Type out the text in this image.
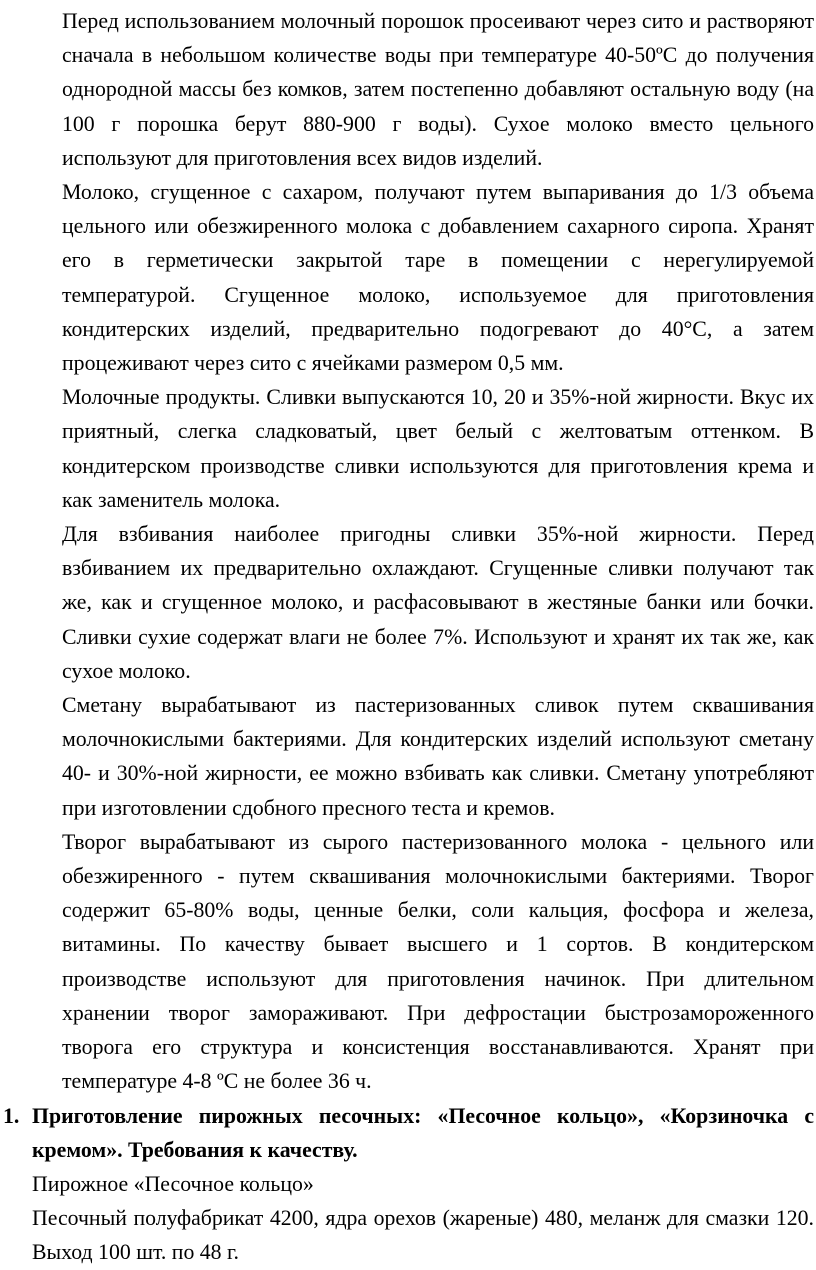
Перед использованием молочный порошок просеивают через сито и растворяют сначала в небольшом количестве воды при температуре 40-50ºС до получения однородной массы без комков, затем постепенно добавляют остальную воду (на 100 г порошка берут 880-900 г воды). Сухое молоко вместо цельного используют для приготовления всех видов изделий.

Молоко, сгущенное с сахаром, получают путем выпаривания до 1/3 объема цельного или обезжиренного молока с добавлением сахарного сиропа. Хранят его в герметически закрытой таре в помещении с нерегулируемой температурой. Сгущенное молоко, используемое для приготовления кондитерских изделий, предварительно подогревают до 40°С, а затем процеживают через сито с ячейками размером 0,5 мм.

Молочные продукты. Сливки выпускаются 10, 20 и 35%-ной жирности. Вкус их приятный, слегка сладковатый, цвет белый с желтоватым оттенком. В кондитерском производстве сливки используются для приготовления крема и как заменитель молока.

Для взбивания наиболее пригодны сливки 35%-ной жирности. Перед взбиванием их предварительно охлаждают. Сгущенные сливки получают так же, как и сгущенное молоко, и расфасовывают в жестяные банки или бочки. Сливки сухие содержат влаги не более 7%. Используют и хранят их так же, как сухое молоко.

Сметану вырабатывают из пастеризованных сливок путем сквашивания молочнокислыми бактериями. Для кондитерских изделий используют сметану 40- и 30%-ной жирности, ее можно взбивать как сливки. Сметану употребляют при изготовлении сдобного пресного теста и кремов.

Творог вырабатывают из сырого пастеризованного молока - цельного или обезжиренного - путем сквашивания молочнокислыми бактериями. Творог содержит 65-80% воды, ценные белки, соли кальция, фосфора и железа, витамины. По качеству бывает высшего и 1 сортов. В кондитерском производстве используют для приготовления начинок. При длительном хранении творог замораживают. При дефростации быстрозамороженного творога его структура и консистенция восстанавливаются. Хранят при температуре 4-8 ºС не более 36 ч.

1. Приготовление пирожных песочных: «Песочное кольцо», «Корзиночка с кремом». Требования к качеству.

Пирожное «Песочное кольцо»

Песочный полуфабрикат 4200, ядра орехов (жареные) 480, меланж для смазки 120. Выход 100 шт. по 48 г.
